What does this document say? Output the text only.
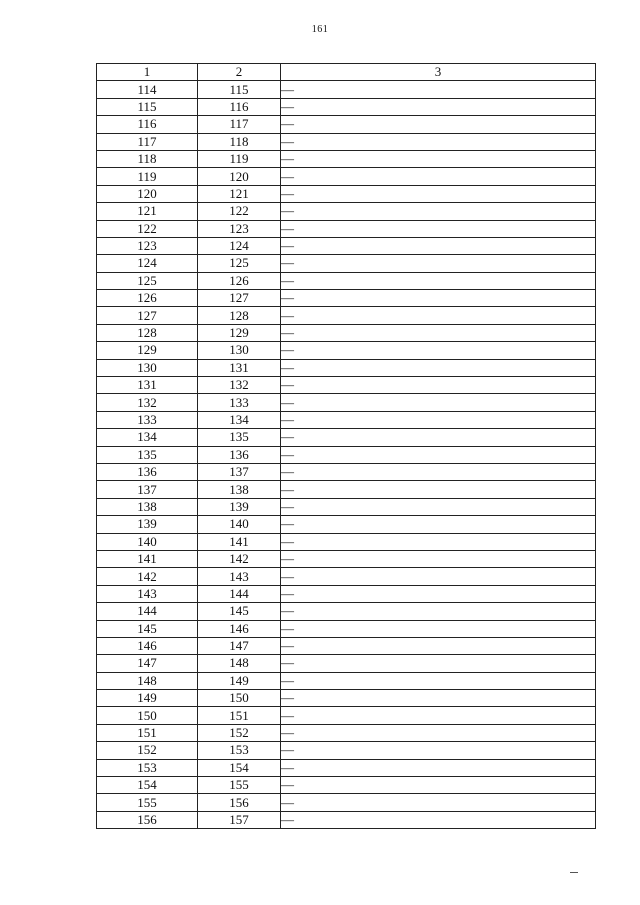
161
1	2	3
114	115	—
115	116	—
116	117	—
117	118	—
118	119	—
119	120	—
120	121	—
121	122	—
122	123	—
123	124	—
124	125	—
125	126	—
126	127	—
127	128	—
128	129	—
129	130	—
130	131	—
131	132	—
132	133	—
133	134	—
134	135	—
135	136	—
136	137	—
137	138	—
138	139	—
139	140	—
140	141	—
141	142	—
142	143	—
143	144	—
144	145	—
145	146	—
146	147	—
147	148	—
148	149	—
149	150	—
150	151	—
151	152	—
152	153	—
153	154	—
154	155	—
155	156	—
156	157	—
